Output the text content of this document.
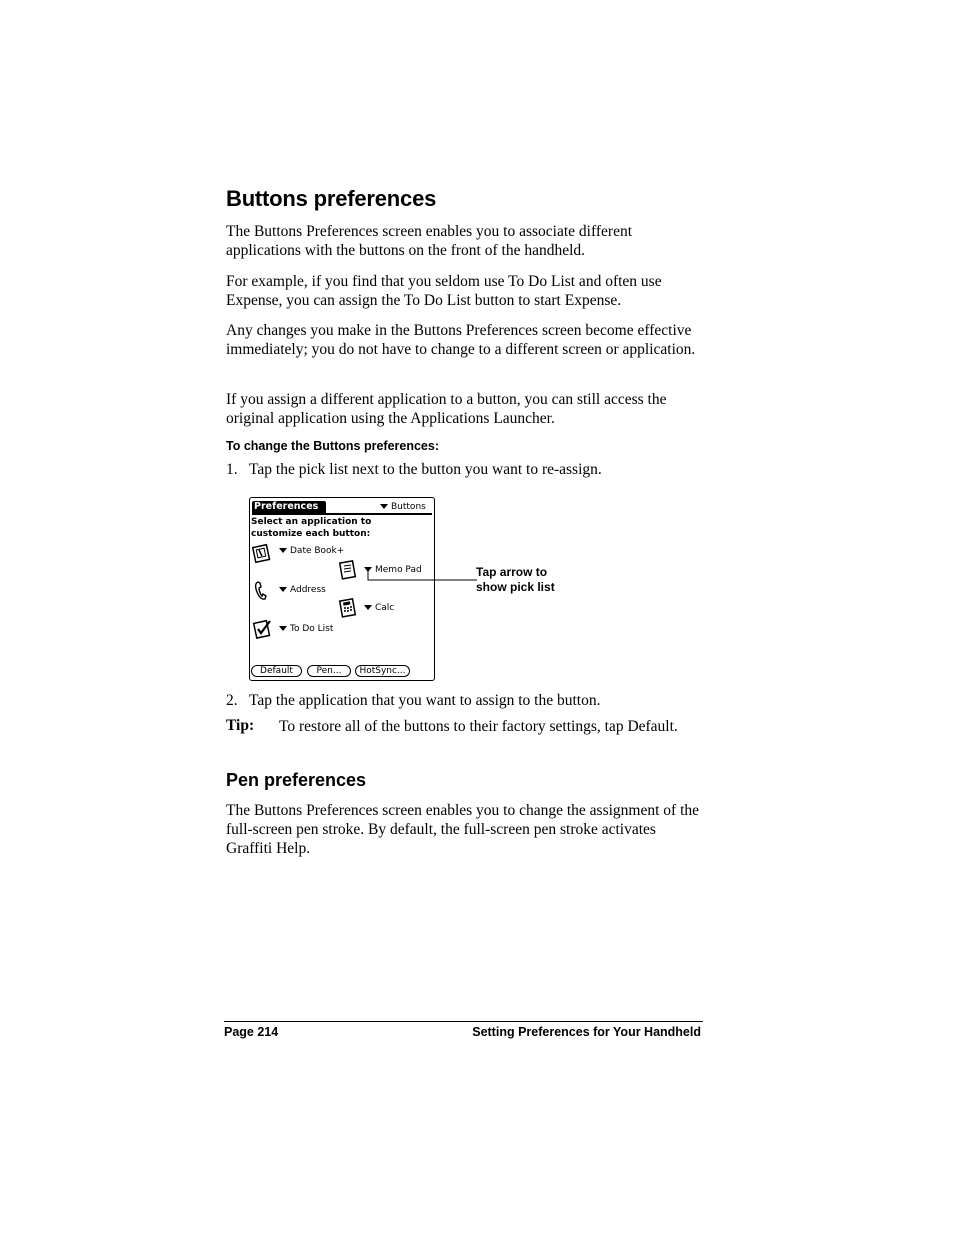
Buttons preferences
The Buttons Preferences screen enables you to associate different applications with the buttons on the front of the handheld.
For example, if you find that you seldom use To Do List and often use Expense, you can assign the To Do List button to start Expense.
Any changes you make in the Buttons Preferences screen become effective immediately; you do not have to change to a different screen or application.
If you assign a different application to a button, you can still access the original application using the Applications Launcher.
To change the Buttons preferences:
1. Tap the pick list next to the button you want to re-assign.
Preferences	Buttons
Select an application to
customize each button:
Date Book+
Memo Pad
Address
Calc
To Do List
Default	Pen...	HotSync...
Tap arrow to
show pick list
2. Tap the application that you want to assign to the button.
Tip: To restore all of the buttons to their factory settings, tap Default.
Pen preferences
The Buttons Preferences screen enables you to change the assignment of the full-screen pen stroke. By default, the full-screen pen stroke activates Graffiti Help.
Page 214	Setting Preferences for Your Handheld
